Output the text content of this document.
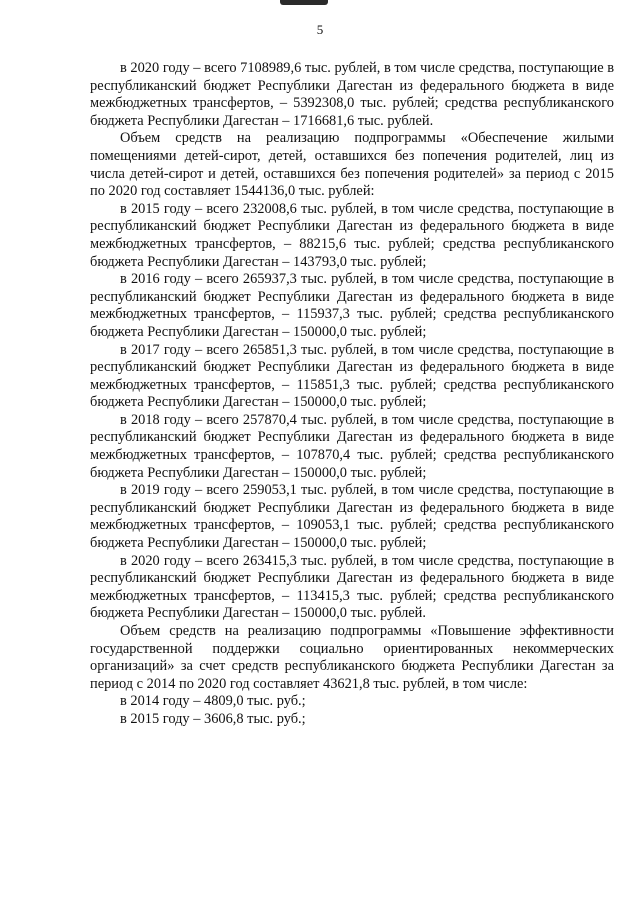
5

в 2020 году – всего 7108989,6 тыс. рублей, в том числе средства, поступающие в республиканский бюджет Республики Дагестан из федерального бюджета в виде межбюджетных трансфертов, – 5392308,0 тыс. рублей; средства республиканского бюджета Республики Дагестан – 1716681,6 тыс. рублей.

Объем средств на реализацию подпрограммы «Обеспечение жилыми помещениями детей-сирот, детей, оставшихся без попечения родителей, лиц из числа детей-сирот и детей, оставшихся без попечения родителей» за период с 2015 по 2020 год составляет 1544136,0 тыс. рублей:

в 2015 году – всего 232008,6 тыс. рублей, в том числе средства, поступающие в республиканский бюджет Республики Дагестан из федерального бюджета в виде межбюджетных трансфертов, – 88215,6 тыс. рублей; средства республиканского бюджета Республики Дагестан – 143793,0 тыс. рублей;

в 2016 году – всего 265937,3 тыс. рублей, в том числе средства, поступающие в республиканский бюджет Республики Дагестан из федерального бюджета в виде межбюджетных трансфертов, – 115937,3 тыс. рублей; средства республиканского бюджета Республики Дагестан – 150000,0 тыс. рублей;

в 2017 году – всего 265851,3 тыс. рублей, в том числе средства, поступающие в республиканский бюджет Республики Дагестан из федерального бюджета в виде межбюджетных трансфертов, – 115851,3 тыс. рублей; средства республиканского бюджета Республики Дагестан – 150000,0 тыс. рублей;

в 2018 году – всего 257870,4 тыс. рублей, в том числе средства, поступающие в республиканский бюджет Республики Дагестан из федерального бюджета в виде межбюджетных трансфертов, – 107870,4 тыс. рублей; средства республиканского бюджета Республики Дагестан – 150000,0 тыс. рублей;

в 2019 году – всего 259053,1 тыс. рублей, в том числе средства, поступающие в республиканский бюджет Республики Дагестан из федерального бюджета в виде межбюджетных трансфертов, – 109053,1 тыс. рублей; средства республиканского бюджета Республики Дагестан – 150000,0 тыс. рублей;

в 2020 году – всего 263415,3 тыс. рублей, в том числе средства, поступающие в республиканский бюджет Республики Дагестан из федерального бюджета в виде межбюджетных трансфертов, – 113415,3 тыс. рублей; средства республиканского бюджета Республики Дагестан – 150000,0 тыс. рублей.

Объем средств на реализацию подпрограммы «Повышение эффективности государственной поддержки социально ориентированных некоммерческих организаций» за счет средств республиканского бюджета Республики Дагестан за период с 2014 по 2020 год составляет 43621,8 тыс. рублей, в том числе:

в 2014 году – 4809,0 тыс. руб.;

в 2015 году – 3606,8 тыс. руб.;
